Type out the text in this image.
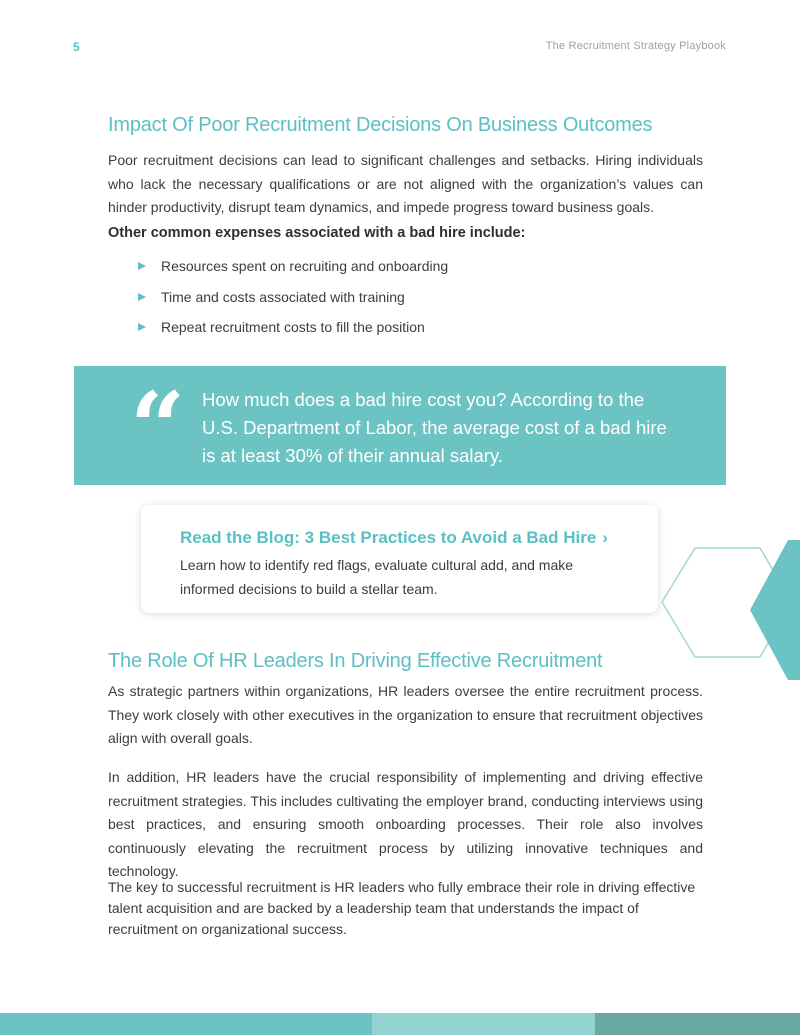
5	The Recruitment Strategy Playbook
Impact Of Poor Recruitment Decisions On Business Outcomes

Poor recruitment decisions can lead to significant challenges and setbacks. Hiring individuals who lack the necessary qualifications or are not aligned with the organization’s values can hinder productivity, disrupt team dynamics, and impede progress toward business goals.

Other common expenses associated with a bad hire include:

Resources spent on recruiting and onboarding
Time and costs associated with training
Repeat recruitment costs to fill the position
“ How much does a bad hire cost you? According to the U.S. Department of Labor, the average cost of a bad hire is at least 30% of their annual salary.

Read the Blog: 3 Best Practices to Avoid a Bad Hire ›

Learn how to identify red flags, evaluate cultural add, and make informed decisions to build a stellar team.

The Role Of HR Leaders In Driving Effective Recruitment

As strategic partners within organizations, HR leaders oversee the entire recruitment process. They work closely with other executives in the organization to ensure that recruitment objectives align with overall goals.

In addition, HR leaders have the crucial responsibility of implementing and driving effective recruitment strategies. This includes cultivating the employer brand, conducting interviews using best practices, and ensuring smooth onboarding processes. Their role also involves continuously elevating the recruitment process by utilizing innovative techniques and technology.

The key to successful recruitment is HR leaders who fully embrace their role in driving effective talent acquisition and are backed by a leadership team that understands the impact of recruitment on organizational success.
